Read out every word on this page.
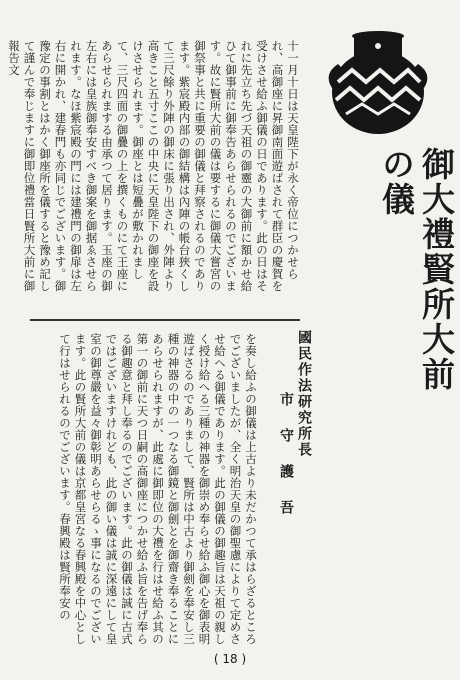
十一月十日は天皇陛下が永く帝位につかせられ、高御座に昇御南面遊ばされて群臣の慶賀を受けさせ給ふ御儀の日であります。此の日はそれに先立ち先づ天祖の御靈の大御前に額かせ給ひて御事前に御奉告あらせられるのでございます。故に賢所大前の儀は要するに御儀大嘗宮の御祭事と共に重要の御儀と拜察されるのであります。紫宸殿内部の御結構は內陣の帳台狹くして三尺餘り外陣の御床に張り出され、外陣より高きこと五寸ここの中央に天皇陛下の御座を設けさせられます。御座とは短疊が敷かれまして、三尺四面の御疊の上を撰くものにて王座にあらせられまする由承つて居ります。玉座の御左右には皇族御奉安すべき御案を御据ゑさせられます。なほ紫宸殿の門には建禮門の御扉は左右に開かれ、建春門も亦同じでございます。御豫定の事割とはかく御座所を儀すると豫め記して謹んで奉じますに御即位禮當日賢所大前に御報告文
御大禮賢所大前の儀
國民作法研究所長
市守護吾
を奏し給ふの御儀は上古より未だかつて承はらざるところでございましたが、全く明治天皇の御聖慮によりて定めさせ給へる御儀であります。此の御儀の御趣旨は天祖の親しく授け給へる三種の神器を御崇め奉らせ給ふ御心を御表明遊ばさるのでありまして、賢所は中古より御劍を奉安し三種の神器の中の一つなる御鏡と御劍とを御齋き奉ることにあらせられますが、此處に御即位の大禮を行はせ給ふ其の第一の御前に天つ日嗣の高御座につかせ給ふ旨を告げ奉らる御趣意と拜し奉るのでございます。此の御儀は誠に古式ではございますけれども、此の御い儀は誠に深遠にして皇室の御尊嚴を益々御彰明あらせらるゝ事になるのでございます。此の賢所大前の儀は京都皇宮なる春興殿を中心として行はせられるのでございます。春興殿は賢所奉安の
( 18 )
